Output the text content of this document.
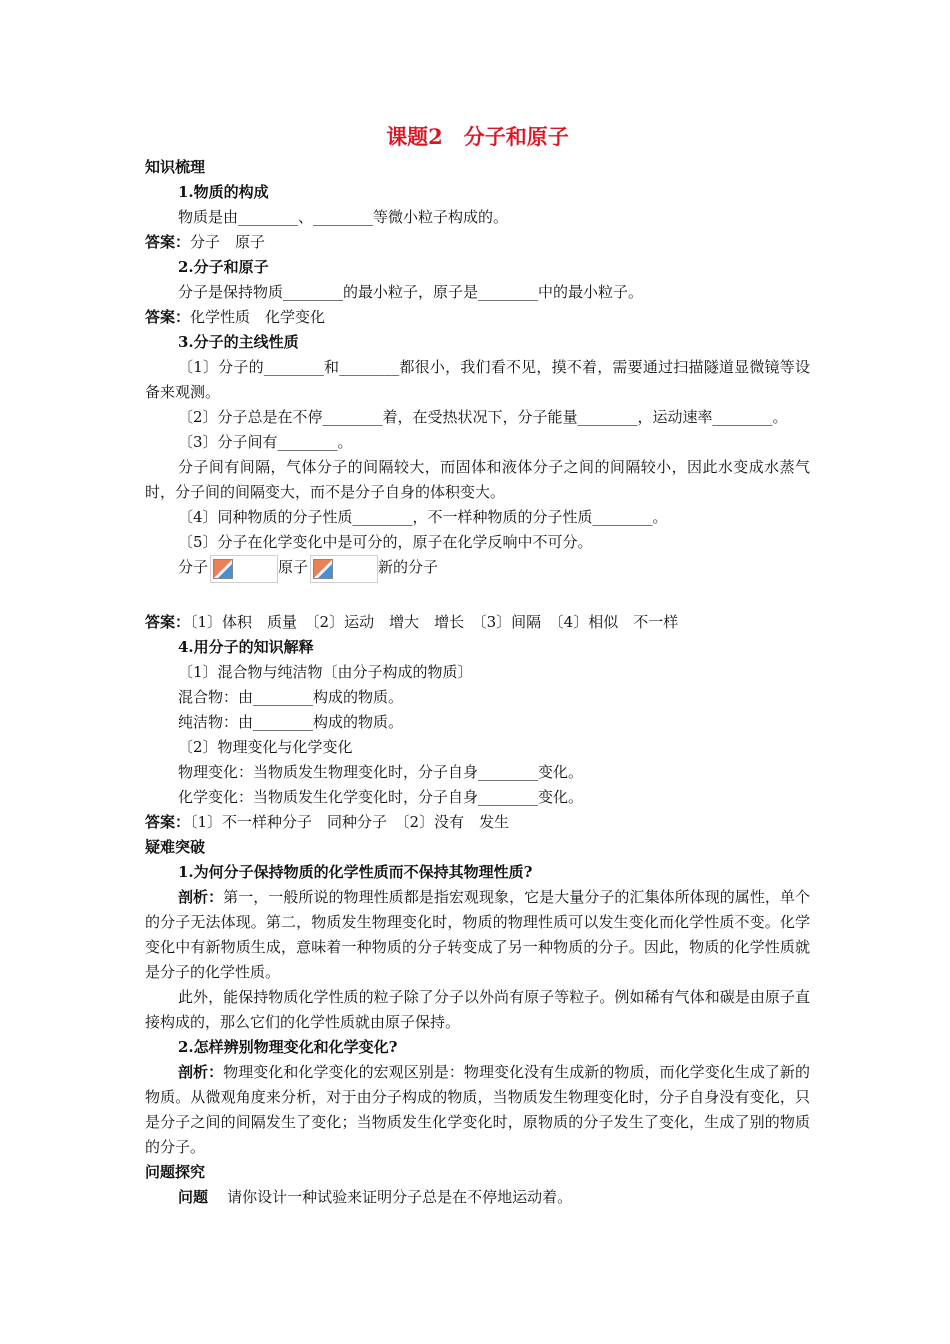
课题2　分子和原子
知识梳理
1.物质的构成
物质是由________、________等微小粒子构成的。
答案：分子　原子
2.分子和原子
分子是保持物质________的最小粒子，原子是________中的最小粒子。
答案：化学性质　化学变化
3.分子的主线性质
〔1〕分子的________和________都很小，我们看不见，摸不着，需要通过扫描隧道显微镜等设备来观测。
〔2〕分子总是在不停________着，在受热状况下，分子能量________，运动速率________。
〔3〕分子间有________。
分子间有间隔，气体分子的间隔较大，而固体和液体分子之间的间隔较小，因此水变成水蒸气时，分子间的间隔变大，而不是分子自身的体积变大。
〔4〕同种物质的分子性质________，不一样种物质的分子性质________。
〔5〕分子在化学变化中是可分的，原子在化学反响中不可分。
分子	原子	新的分子
答案：〔1〕体积　质量　〔2〕运动　增大　增长　〔3〕间隔　〔4〕相似　不一样
4.用分子的知识解释
〔1〕混合物与纯洁物〔由分子构成的物质〕
混合物：由________构成的物质。
纯洁物：由________构成的物质。
〔2〕物理变化与化学变化
物理变化：当物质发生物理变化时，分子自身________变化。
化学变化：当物质发生化学变化时，分子自身________变化。
答案：〔1〕不一样种分子　同种分子　〔2〕没有　发生
疑难突破
1.为何分子保持物质的化学性质而不保持其物理性质?
剖析：第一，一般所说的物理性质都是指宏观现象，它是大量分子的汇集体所体现的属性，单个的分子无法体现。第二，物质发生物理变化时，物质的物理性质可以发生变化而化学性质不变。化学变化中有新物质生成，意味着一种物质的分子转变成了另一种物质的分子。因此，物质的化学性质就是分子的化学性质。
此外，能保持物质化学性质的粒子除了分子以外尚有原子等粒子。例如稀有气体和碳是由原子直接构成的，那么它们的化学性质就由原子保持。
2.怎样辨别物理变化和化学变化?
剖析：物理变化和化学变化的宏观区别是：物理变化没有生成新的物质，而化学变化生成了新的物质。从微观角度来分析，对于由分子构成的物质，当物质发生物理变化时，分子自身没有变化，只是分子之间的间隔发生了变化；当物质发生化学变化时，原物质的分子发生了变化，生成了别的物质的分子。
问题探究
问题 请你设计一种试验来证明分子总是在不停地运动着。
